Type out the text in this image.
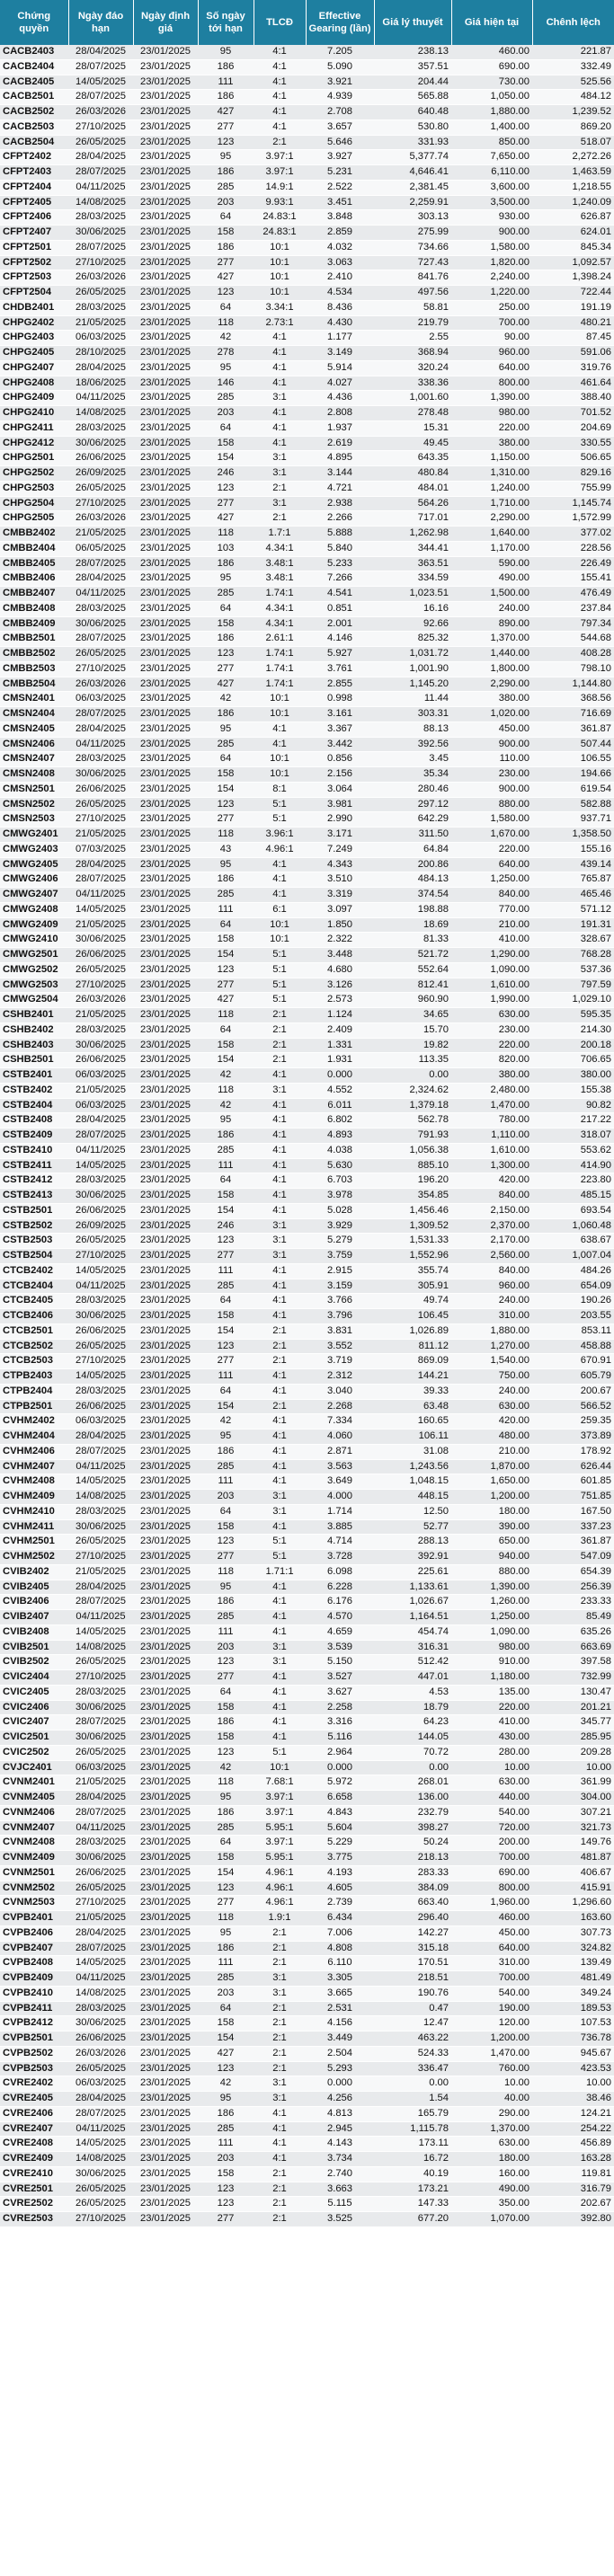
Chứng quyền	Ngày đáo hạn	Ngày định giá	Số ngày tới hạn	TLCĐ	Effective Gearing (lần)	Giá lý thuyết	Giá hiện tại	Chênh lệch
CACB2403	28/04/2025	23/01/2025	95	4:1	7.205	238.13	460.00	221.87
CACB2404	28/07/2025	23/01/2025	186	4:1	5.090	357.51	690.00	332.49
CACB2405	14/05/2025	23/01/2025	111	4:1	3.921	204.44	730.00	525.56
CACB2501	28/07/2025	23/01/2025	186	4:1	4.939	565.88	1,050.00	484.12
CACB2502	26/03/2026	23/01/2025	427	4:1	2.708	640.48	1,880.00	1,239.52
CACB2503	27/10/2025	23/01/2025	277	4:1	3.657	530.80	1,400.00	869.20
CACB2504	26/05/2025	23/01/2025	123	2:1	5.646	331.93	850.00	518.07
CFPT2402	28/04/2025	23/01/2025	95	3.97:1	3.927	5,377.74	7,650.00	2,272.26
CFPT2403	28/07/2025	23/01/2025	186	3.97:1	5.231	4,646.41	6,110.00	1,463.59
CFPT2404	04/11/2025	23/01/2025	285	14.9:1	2.522	2,381.45	3,600.00	1,218.55
CFPT2405	14/08/2025	23/01/2025	203	9.93:1	3.451	2,259.91	3,500.00	1,240.09
CFPT2406	28/03/2025	23/01/2025	64	24.83:1	3.848	303.13	930.00	626.87
CFPT2407	30/06/2025	23/01/2025	158	24.83:1	2.859	275.99	900.00	624.01
CFPT2501	28/07/2025	23/01/2025	186	10:1	4.032	734.66	1,580.00	845.34
CFPT2502	27/10/2025	23/01/2025	277	10:1	3.063	727.43	1,820.00	1,092.57
CFPT2503	26/03/2026	23/01/2025	427	10:1	2.410	841.76	2,240.00	1,398.24
CFPT2504	26/05/2025	23/01/2025	123	10:1	4.534	497.56	1,220.00	722.44
CHDB2401	28/03/2025	23/01/2025	64	3.34:1	8.436	58.81	250.00	191.19
CHPG2402	21/05/2025	23/01/2025	118	2.73:1	4.430	219.79	700.00	480.21
CHPG2403	06/03/2025	23/01/2025	42	4:1	1.177	2.55	90.00	87.45
CHPG2405	28/10/2025	23/01/2025	278	4:1	3.149	368.94	960.00	591.06
CHPG2407	28/04/2025	23/01/2025	95	4:1	5.914	320.24	640.00	319.76
CHPG2408	18/06/2025	23/01/2025	146	4:1	4.027	338.36	800.00	461.64
CHPG2409	04/11/2025	23/01/2025	285	3:1	4.436	1,001.60	1,390.00	388.40
CHPG2410	14/08/2025	23/01/2025	203	4:1	2.808	278.48	980.00	701.52
CHPG2411	28/03/2025	23/01/2025	64	4:1	1.937	15.31	220.00	204.69
CHPG2412	30/06/2025	23/01/2025	158	4:1	2.619	49.45	380.00	330.55
CHPG2501	26/06/2025	23/01/2025	154	3:1	4.895	643.35	1,150.00	506.65
CHPG2502	26/09/2025	23/01/2025	246	3:1	3.144	480.84	1,310.00	829.16
CHPG2503	26/05/2025	23/01/2025	123	2:1	4.721	484.01	1,240.00	755.99
CHPG2504	27/10/2025	23/01/2025	277	3:1	2.938	564.26	1,710.00	1,145.74
CHPG2505	26/03/2026	23/01/2025	427	2:1	2.266	717.01	2,290.00	1,572.99
CMBB2402	21/05/2025	23/01/2025	118	1.7:1	5.888	1,262.98	1,640.00	377.02
CMBB2404	06/05/2025	23/01/2025	103	4.34:1	5.840	344.41	1,170.00	228.56
CMBB2405	28/07/2025	23/01/2025	186	3.48:1	5.233	363.51	590.00	226.49
CMBB2406	28/04/2025	23/01/2025	95	3.48:1	7.266	334.59	490.00	155.41
CMBB2407	04/11/2025	23/01/2025	285	1.74:1	4.541	1,023.51	1,500.00	476.49
CMBB2408	28/03/2025	23/01/2025	64	4.34:1	0.851	16.16	240.00	237.84
CMBB2409	30/06/2025	23/01/2025	158	4.34:1	2.001	92.66	890.00	797.34
CMBB2501	28/07/2025	23/01/2025	186	2.61:1	4.146	825.32	1,370.00	544.68
CMBB2502	26/05/2025	23/01/2025	123	1.74:1	5.927	1,031.72	1,440.00	408.28
CMBB2503	27/10/2025	23/01/2025	277	1.74:1	3.761	1,001.90	1,800.00	798.10
CMBB2504	26/03/2026	23/01/2025	427	1.74:1	2.855	1,145.20	2,290.00	1,144.80
CMSN2401	06/03/2025	23/01/2025	42	10:1	0.998	11.44	380.00	368.56
CMSN2404	28/07/2025	23/01/2025	186	10:1	3.161	303.31	1,020.00	716.69
CMSN2405	28/04/2025	23/01/2025	95	4:1	3.367	88.13	450.00	361.87
CMSN2406	04/11/2025	23/01/2025	285	4:1	3.442	392.56	900.00	507.44
CMSN2407	28/03/2025	23/01/2025	64	10:1	0.856	3.45	110.00	106.55
CMSN2408	30/06/2025	23/01/2025	158	10:1	2.156	35.34	230.00	194.66
CMSN2501	26/06/2025	23/01/2025	154	8:1	3.064	280.46	900.00	619.54
CMSN2502	26/05/2025	23/01/2025	123	5:1	3.981	297.12	880.00	582.88
CMSN2503	27/10/2025	23/01/2025	277	5:1	2.990	642.29	1,580.00	937.71
CMWG2401	21/05/2025	23/01/2025	118	3.96:1	3.171	311.50	1,670.00	1,358.50
CMWG2403	07/03/2025	23/01/2025	43	4.96:1	7.249	64.84	220.00	155.16
CMWG2405	28/04/2025	23/01/2025	95	4:1	4.343	200.86	640.00	439.14
CMWG2406	28/07/2025	23/01/2025	186	4:1	3.510	484.13	1,250.00	765.87
CMWG2407	04/11/2025	23/01/2025	285	4:1	3.319	374.54	840.00	465.46
CMWG2408	14/05/2025	23/01/2025	111	6:1	3.097	198.88	770.00	571.12
CMWG2409	21/05/2025	23/01/2025	64	10:1	1.850	18.69	210.00	191.31
CMWG2410	30/06/2025	23/01/2025	158	10:1	2.322	81.33	410.00	328.67
CMWG2501	26/06/2025	23/01/2025	154	5:1	3.448	521.72	1,290.00	768.28
CMWG2502	26/05/2025	23/01/2025	123	5:1	4.680	552.64	1,090.00	537.36
CMWG2503	27/10/2025	23/01/2025	277	5:1	3.126	812.41	1,610.00	797.59
CMWG2504	26/03/2026	23/01/2025	427	5:1	2.573	960.90	1,990.00	1,029.10
CSHB2401	21/05/2025	23/01/2025	118	2:1	1.124	34.65	630.00	595.35
CSHB2402	28/03/2025	23/01/2025	64	2:1	2.409	15.70	230.00	214.30
CSHB2403	30/06/2025	23/01/2025	158	2:1	1.331	19.82	220.00	200.18
CSHB2501	26/06/2025	23/01/2025	154	2:1	1.931	113.35	820.00	706.65
CSTB2401	06/03/2025	23/01/2025	42	4:1	0.000	0.00	380.00	380.00
CSTB2402	21/05/2025	23/01/2025	118	3:1	4.552	2,324.62	2,480.00	155.38
CSTB2404	06/03/2025	23/01/2025	42	4:1	6.011	1,379.18	1,470.00	90.82
CSTB2408	28/04/2025	23/01/2025	95	4:1	6.802	562.78	780.00	217.22
CSTB2409	28/07/2025	23/01/2025	186	4:1	4.893	791.93	1,110.00	318.07
CSTB2410	04/11/2025	23/01/2025	285	4:1	4.038	1,056.38	1,610.00	553.62
CSTB2411	14/05/2025	23/01/2025	111	4:1	5.630	885.10	1,300.00	414.90
CSTB2412	28/03/2025	23/01/2025	64	4:1	6.703	196.20	420.00	223.80
CSTB2413	30/06/2025	23/01/2025	158	4:1	3.978	354.85	840.00	485.15
CSTB2501	26/06/2025	23/01/2025	154	4:1	5.028	1,456.46	2,150.00	693.54
CSTB2502	26/09/2025	23/01/2025	246	3:1	3.929	1,309.52	2,370.00	1,060.48
CSTB2503	26/05/2025	23/01/2025	123	3:1	5.279	1,531.33	2,170.00	638.67
CSTB2504	27/10/2025	23/01/2025	277	3:1	3.759	1,552.96	2,560.00	1,007.04
CTCB2402	14/05/2025	23/01/2025	111	4:1	2.915	355.74	840.00	484.26
CTCB2404	04/11/2025	23/01/2025	285	4:1	3.159	305.91	960.00	654.09
CTCB2405	28/03/2025	23/01/2025	64	4:1	3.766	49.74	240.00	190.26
CTCB2406	30/06/2025	23/01/2025	158	4:1	3.796	106.45	310.00	203.55
CTCB2501	26/06/2025	23/01/2025	154	2:1	3.831	1,026.89	1,880.00	853.11
CTCB2502	26/05/2025	23/01/2025	123	2:1	3.552	811.12	1,270.00	458.88
CTCB2503	27/10/2025	23/01/2025	277	2:1	3.719	869.09	1,540.00	670.91
CTPB2403	14/05/2025	23/01/2025	111	4:1	2.312	144.21	750.00	605.79
CTPB2404	28/03/2025	23/01/2025	64	4:1	3.040	39.33	240.00	200.67
CTPB2501	26/06/2025	23/01/2025	154	2:1	2.268	63.48	630.00	566.52
CVHM2402	06/03/2025	23/01/2025	42	4:1	7.334	160.65	420.00	259.35
CVHM2404	28/04/2025	23/01/2025	95	4:1	4.060	106.11	480.00	373.89
CVHM2406	28/07/2025	23/01/2025	186	4:1	2.871	31.08	210.00	178.92
CVHM2407	04/11/2025	23/01/2025	285	4:1	3.563	1,243.56	1,870.00	626.44
CVHM2408	14/05/2025	23/01/2025	111	4:1	3.649	1,048.15	1,650.00	601.85
CVHM2409	14/08/2025	23/01/2025	203	3:1	4.000	448.15	1,200.00	751.85
CVHM2410	28/03/2025	23/01/2025	64	3:1	1.714	12.50	180.00	167.50
CVHM2411	30/06/2025	23/01/2025	158	4:1	3.885	52.77	390.00	337.23
CVHM2501	26/05/2025	23/01/2025	123	5:1	4.714	288.13	650.00	361.87
CVHM2502	27/10/2025	23/01/2025	277	5:1	3.728	392.91	940.00	547.09
CVIB2402	21/05/2025	23/01/2025	118	1.71:1	6.098	225.61	880.00	654.39
CVIB2405	28/04/2025	23/01/2025	95	4:1	6.228	1,133.61	1,390.00	256.39
CVIB2406	28/07/2025	23/01/2025	186	4:1	6.176	1,026.67	1,260.00	233.33
CVIB2407	04/11/2025	23/01/2025	285	4:1	4.570	1,164.51	1,250.00	85.49
CVIB2408	14/05/2025	23/01/2025	111	4:1	4.659	454.74	1,090.00	635.26
CVIB2501	14/08/2025	23/01/2025	203	3:1	3.539	316.31	980.00	663.69
CVIB2502	26/05/2025	23/01/2025	123	3:1	5.150	512.42	910.00	397.58
CVIC2404	27/10/2025	23/01/2025	277	4:1	3.527	447.01	1,180.00	732.99
CVIC2405	28/03/2025	23/01/2025	64	4:1	3.627	4.53	135.00	130.47
CVIC2406	30/06/2025	23/01/2025	158	4:1	2.258	18.79	220.00	201.21
CVIC2407	28/07/2025	23/01/2025	186	4:1	3.316	64.23	410.00	345.77
CVIC2501	30/06/2025	23/01/2025	158	4:1	5.116	144.05	430.00	285.95
CVIC2502	26/05/2025	23/01/2025	123	5:1	2.964	70.72	280.00	209.28
CVJC2401	06/03/2025	23/01/2025	42	10:1	0.000	0.00	10.00	10.00
CVNM2401	21/05/2025	23/01/2025	118	7.68:1	5.972	268.01	630.00	361.99
CVNM2405	28/04/2025	23/01/2025	95	3.97:1	6.658	136.00	440.00	304.00
CVNM2406	28/07/2025	23/01/2025	186	3.97:1	4.843	232.79	540.00	307.21
CVNM2407	04/11/2025	23/01/2025	285	5.95:1	5.604	398.27	720.00	321.73
CVNM2408	28/03/2025	23/01/2025	64	3.97:1	5.229	50.24	200.00	149.76
CVNM2409	30/06/2025	23/01/2025	158	5.95:1	3.775	218.13	700.00	481.87
CVNM2501	26/06/2025	23/01/2025	154	4.96:1	4.193	283.33	690.00	406.67
CVNM2502	26/05/2025	23/01/2025	123	4.96:1	4.605	384.09	800.00	415.91
CVNM2503	27/10/2025	23/01/2025	277	4.96:1	2.739	663.40	1,960.00	1,296.60
CVPB2401	21/05/2025	23/01/2025	118	1.9:1	6.434	296.40	460.00	163.60
CVPB2406	28/04/2025	23/01/2025	95	2:1	7.006	142.27	450.00	307.73
CVPB2407	28/07/2025	23/01/2025	186	2:1	4.808	315.18	640.00	324.82
CVPB2408	14/05/2025	23/01/2025	111	2:1	6.110	170.51	310.00	139.49
CVPB2409	04/11/2025	23/01/2025	285	3:1	3.305	218.51	700.00	481.49
CVPB2410	14/08/2025	23/01/2025	203	3:1	3.665	190.76	540.00	349.24
CVPB2411	28/03/2025	23/01/2025	64	2:1	2.531	0.47	190.00	189.53
CVPB2412	30/06/2025	23/01/2025	158	2:1	4.156	12.47	120.00	107.53
CVPB2501	26/06/2025	23/01/2025	154	2:1	3.449	463.22	1,200.00	736.78
CVPB2502	26/03/2026	23/01/2025	427	2:1	2.504	524.33	1,470.00	945.67
CVPB2503	26/05/2025	23/01/2025	123	2:1	5.293	336.47	760.00	423.53
CVRE2402	06/03/2025	23/01/2025	42	3:1	0.000	0.00	10.00	10.00
CVRE2405	28/04/2025	23/01/2025	95	3:1	4.256	1.54	40.00	38.46
CVRE2406	28/07/2025	23/01/2025	186	4:1	4.813	165.79	290.00	124.21
CVRE2407	04/11/2025	23/01/2025	285	4:1	2.945	1,115.78	1,370.00	254.22
CVRE2408	14/05/2025	23/01/2025	111	4:1	4.143	173.11	630.00	456.89
CVRE2409	14/08/2025	23/01/2025	203	4:1	3.734	16.72	180.00	163.28
CVRE2410	30/06/2025	23/01/2025	158	2:1	2.740	40.19	160.00	119.81
CVRE2501	26/05/2025	23/01/2025	123	2:1	3.663	173.21	490.00	316.79
CVRE2502	26/05/2025	23/01/2025	123	2:1	5.115	147.33	350.00	202.67
CVRE2503	27/10/2025	23/01/2025	277	2:1	3.525	677.20	1,070.00	392.80
